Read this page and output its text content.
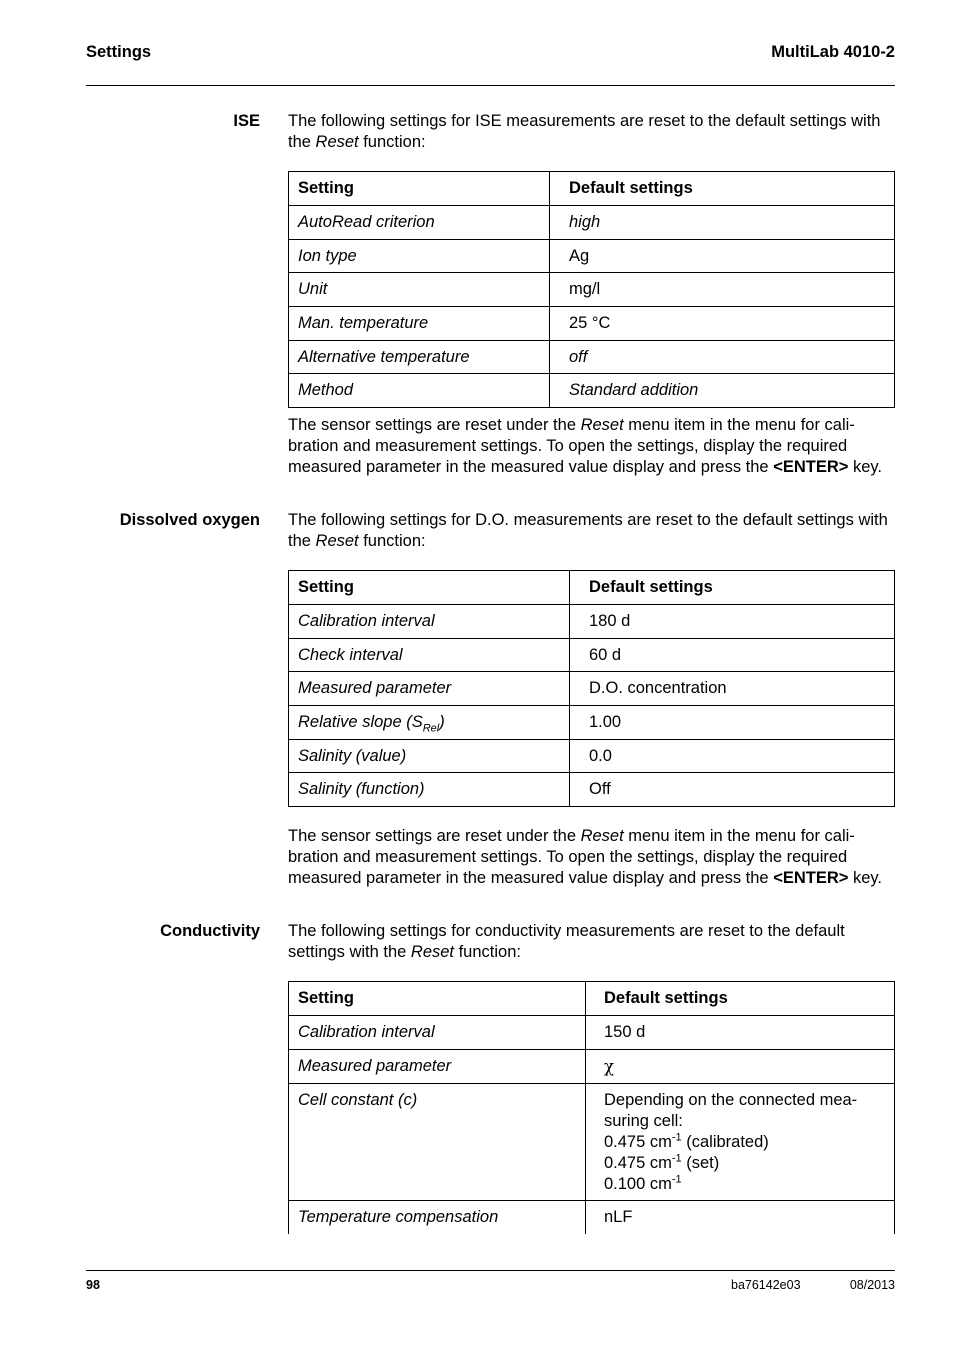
Settings	MultiLab 4010-2
ISE The following settings for ISE measurements are reset to the default settings with the Reset function:
Setting	Default settings
AutoRead criterion	high
Ion type	Ag
Unit	mg/l
Man. temperature	25 °C
Alternative temperature	off
Method	Standard addition
The sensor settings are reset under the Reset menu item in the menu for cali-bration and measurement settings. To open the settings, display the required measured parameter in the measured value display and press the <ENTER> key.
Dissolved oxygen The following settings for D.O. measurements are reset to the default settings with the Reset function:
Setting	Default settings
Calibration interval	180 d
Check interval	60 d
Measured parameter	D.O. concentration
Relative slope $(S_{Rel})$	1.00
Salinity (value)	0.0
Salinity (function)	Off
The sensor settings are reset under the Reset menu item in the menu for cali-bration and measurement settings. To open the settings, display the required measured parameter in the measured value display and press the <ENTER> key.
Conductivity The following settings for conductivity measurements are reset to the default settings with the Reset function:
Setting	Default settings
Calibration interval	150 d
Measured parameter	χ
Cell constant (c)	Depending on the connected mea-suring cell:
0.475 $cm^{-1}$ (calibrated)
0.475 $cm^{-1}$ (set)
0.100 $cm^{-1}$

Temperature compensation	nLF
98	ba76142e03	08/2013
